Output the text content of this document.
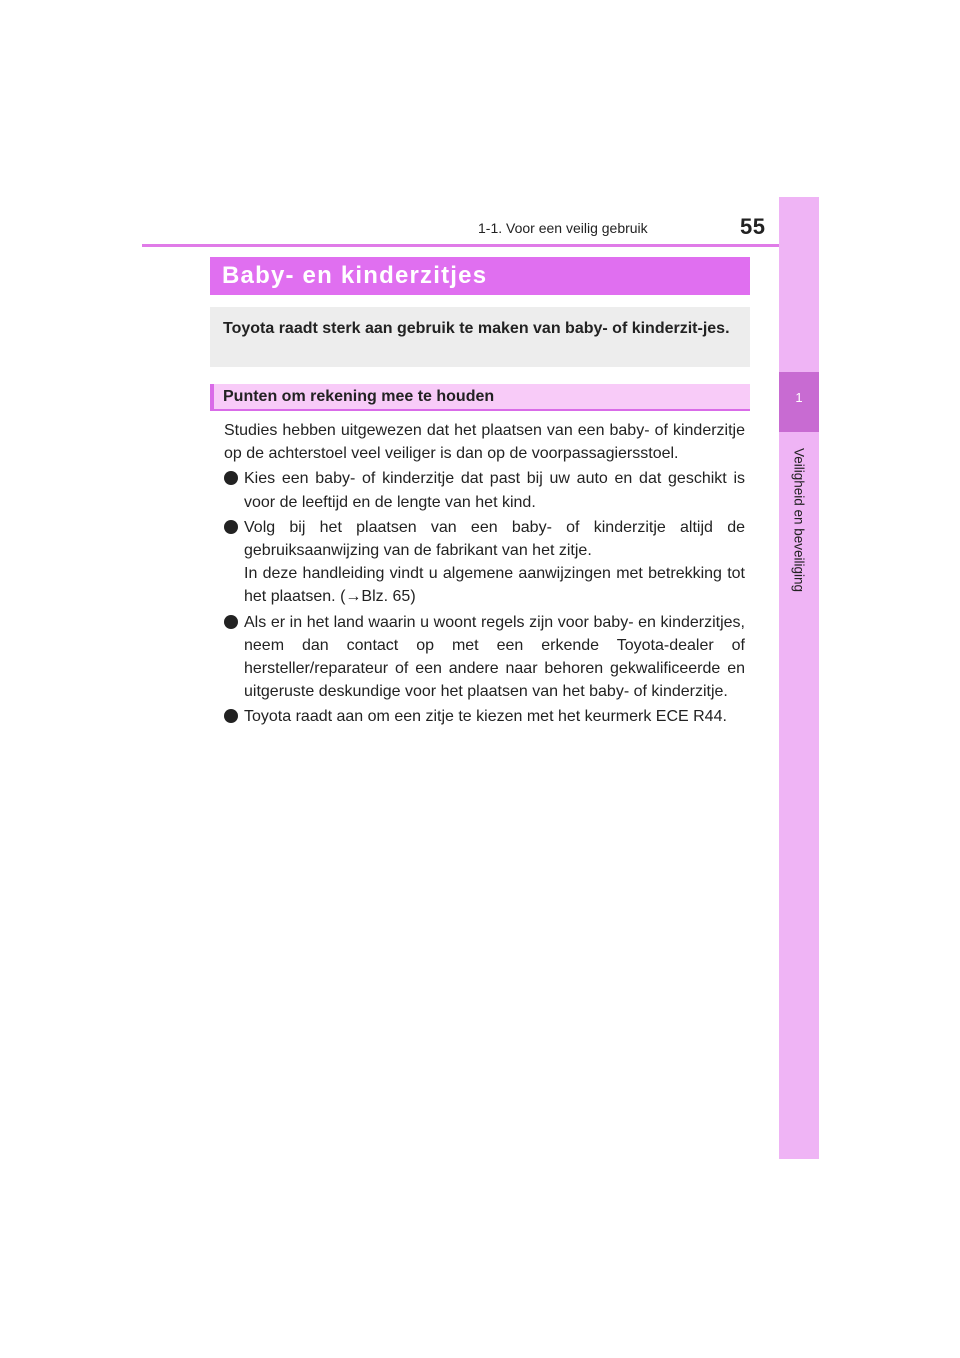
1-1. Voor een veilig gebruik	55
1
Veiligheid en beveiliging
Baby- en kinderzitjes
Toyota raadt sterk aan gebruik te maken van baby- of kinderzit-jes.
Punten om rekening mee te houden

Studies hebben uitgewezen dat het plaatsen van een baby- of kinderzitje op de achterstoel veel veiliger is dan op de voorpassagiersstoel.

Kies een baby- of kinderzitje dat past bij uw auto en dat geschikt is voor de leeftijd en de lengte van het kind.

Volg bij het plaatsen van een baby- of kinderzitje altijd de gebruiksaanwijzing van de fabrikant van het zitje.

In deze handleiding vindt u algemene aanwijzingen met betrekking tot het plaatsen. (→Blz. 65)

Als er in het land waarin u woont regels zijn voor baby- en kinderzitjes, neem dan contact op met een erkende Toyota-dealer of hersteller/reparateur of een andere naar behoren gekwalificeerde en uitgeruste deskundige voor het plaatsen van het baby- of kinderzitje.

Toyota raadt aan om een zitje te kiezen met het keurmerk ECE R44.
